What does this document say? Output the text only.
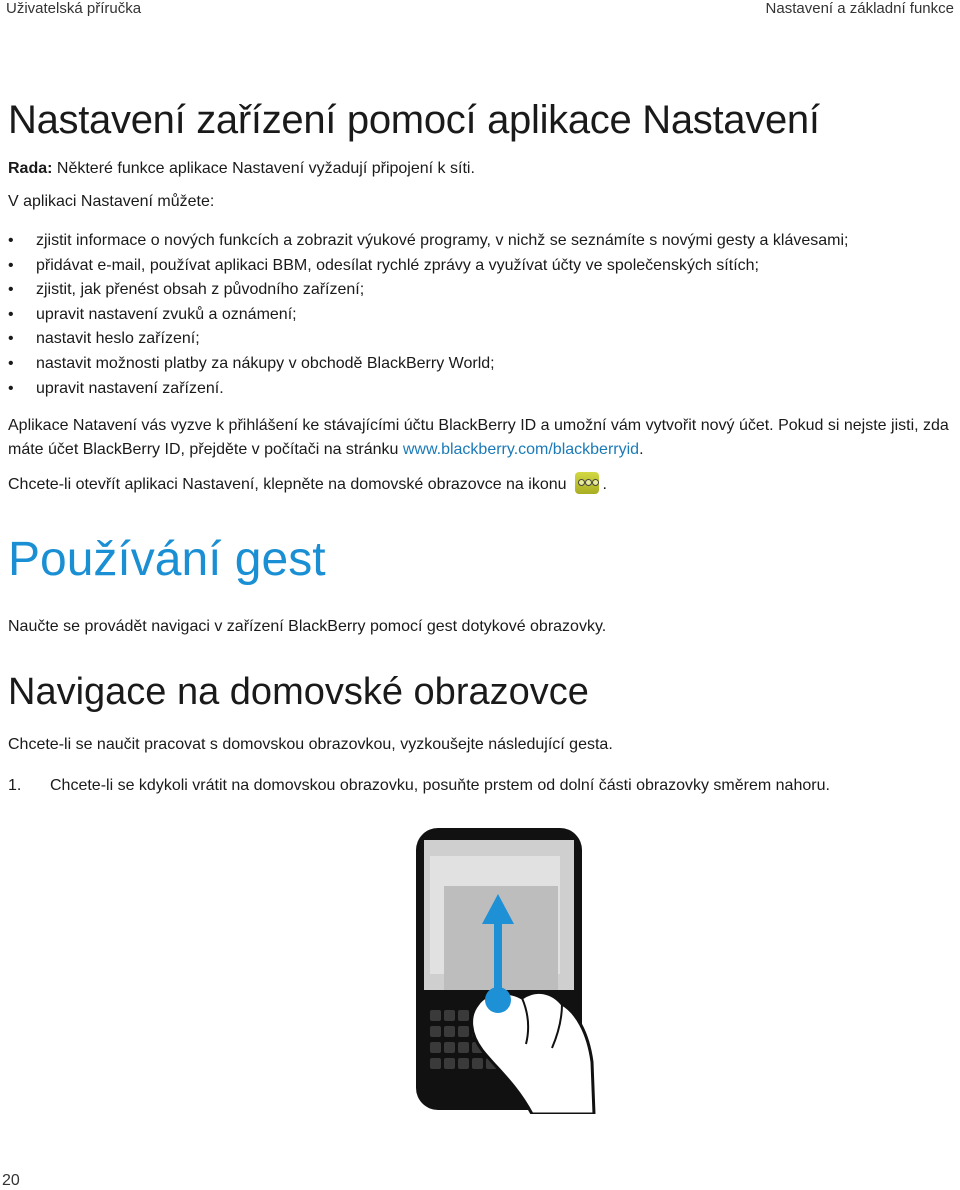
Uživatelská příručka	Nastavení a základní funkce
Nastavení zařízení pomocí aplikace Nastavení

Rada: Některé funkce aplikace Nastavení vyžadují připojení k síti.

V aplikaci Nastavení můžete:

• zjistit informace o nových funkcích a zobrazit výukové programy, v nichž se seznámíte s novými gesty a klávesami;
• přidávat e-mail, používat aplikaci BBM, odesílat rychlé zprávy a využívat účty ve společenských sítích;
• zjistit, jak přenést obsah z původního zařízení;
• upravit nastavení zvuků a oznámení;
• nastavit heslo zařízení;
• nastavit možnosti platby za nákupy v obchodě BlackBerry World;
• upravit nastavení zařízení.

Aplikace Natavení vás vyzve k přihlášení ke stávajícími účtu BlackBerry ID a umožní vám vytvořit nový účet. Pokud si nejste jisti, zda máte účet BlackBerry ID, přejděte v počítači na stránku www.blackberry.com/blackberryid.

Chcete-li otevřít aplikaci Nastavení, klepněte na domovské obrazovce na ikonu .

Používání gest

Naučte se provádět navigaci v zařízení BlackBerry pomocí gest dotykové obrazovky.

Navigace na domovské obrazovce

Chcete-li se naučit pracovat s domovskou obrazovkou, vyzkoušejte následující gesta.

1. Chcete-li se kdykoli vrátit na domovskou obrazovku, posuňte prstem od dolní části obrazovky směrem nahoru.

20
